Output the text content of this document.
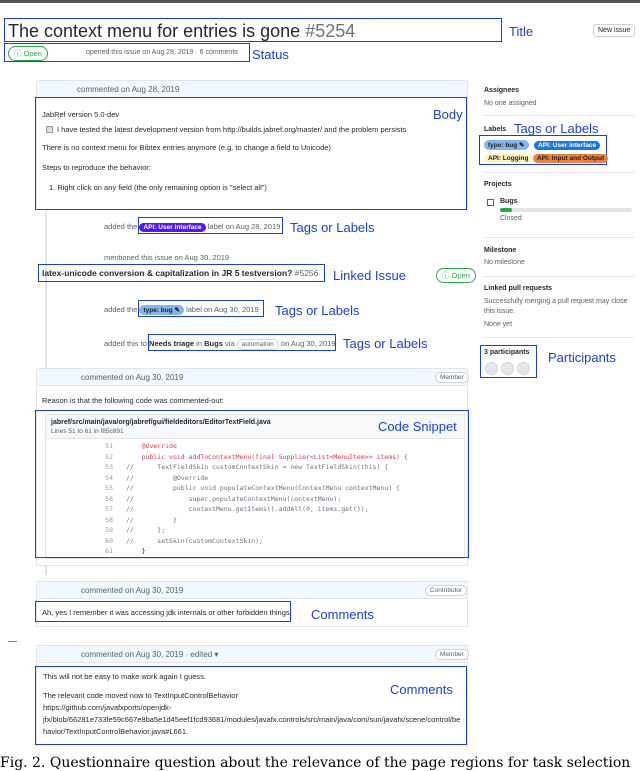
The context menu for entries is gone #5254	Title	New issue
ⓘ Open	opened this issue on Aug 28, 2019 · 6 comments Status
commented on Aug 28, 2019
JabRef version 5.0-dev
I have tested the latest development version from http://builds.jabref.org/master/ and the problem persists
There is no context menu for Bibtex entries anymore (e.g. to change a field to Unicode)
Steps to reproduce the behavior:
1. Right click on any field (the only remaining option is "select all")
Body
added the API: User interface label on Aug 28, 2019 Tags or Labels
mentioned this issue on Aug 30, 2019
latex-unicode conversion & capitalization in JR 5 testversion? #5256 Linked Issue	ⓘ Open
added the type: bug ✎ label on Aug 30, 2019 Tags or Labels
added this to Needs triage in Bugs via automation on Aug 30, 2019 Tags or Labels
commented on Aug 30, 2019	Member
Reason is that the following code was commented-out:
jabref/src/main/java/org/jabref/gui/fieldeditors/EditorTextField.java
Lines 51 to 61 in f85c891
51 @Override
52 public void addToContextMenu(final Supplier<List<MenuItem>> items) {
53 //      TextFieldSkin customContextSkin = new TextFieldSkin(this) {
54 //          @Override
55 //          public void populateContextMenu(ContextMenu contextMenu) {
56 //              super.populateContextMenu(contextMenu);
57 //              contextMenu.getItems().addAll(0, items.get());
58 //          }
59 //      };
60 //      setSkin(customContextSkin);
61 }
Code Snippet
commented on Aug 30, 2019	Contributor
Ah, yes I remember it was accessing jdk internals or other forbidden things Comments
commented on Aug 30, 2019 · edited ▾	Member
This will not be easy to make work again I guess.
The relevant code moved now to TextInputControlBehavior
https://github.com/javafxports/openjdk-
jfx/blob/66281e733fe59c667e8ba5e1d45eef1fcd93681/modules/javafx.controls/src/main/java/com/sun/javafx/scene/control/be
havior/TextInputControlBehavior.java#L661.
Comments
Assignees
No one assigned
Labels Tags or Labels
type: bug ✎	API: User interface
API: Logging	API: Input and Output
Projects
Bugs
Closed
Milestone
No milestone
Linked pull requests
Successfully merging a pull request may close this issue.
None yet
3 participants Participants
Fig. 2. Questionnaire question about the relevance of the page regions for task selection
